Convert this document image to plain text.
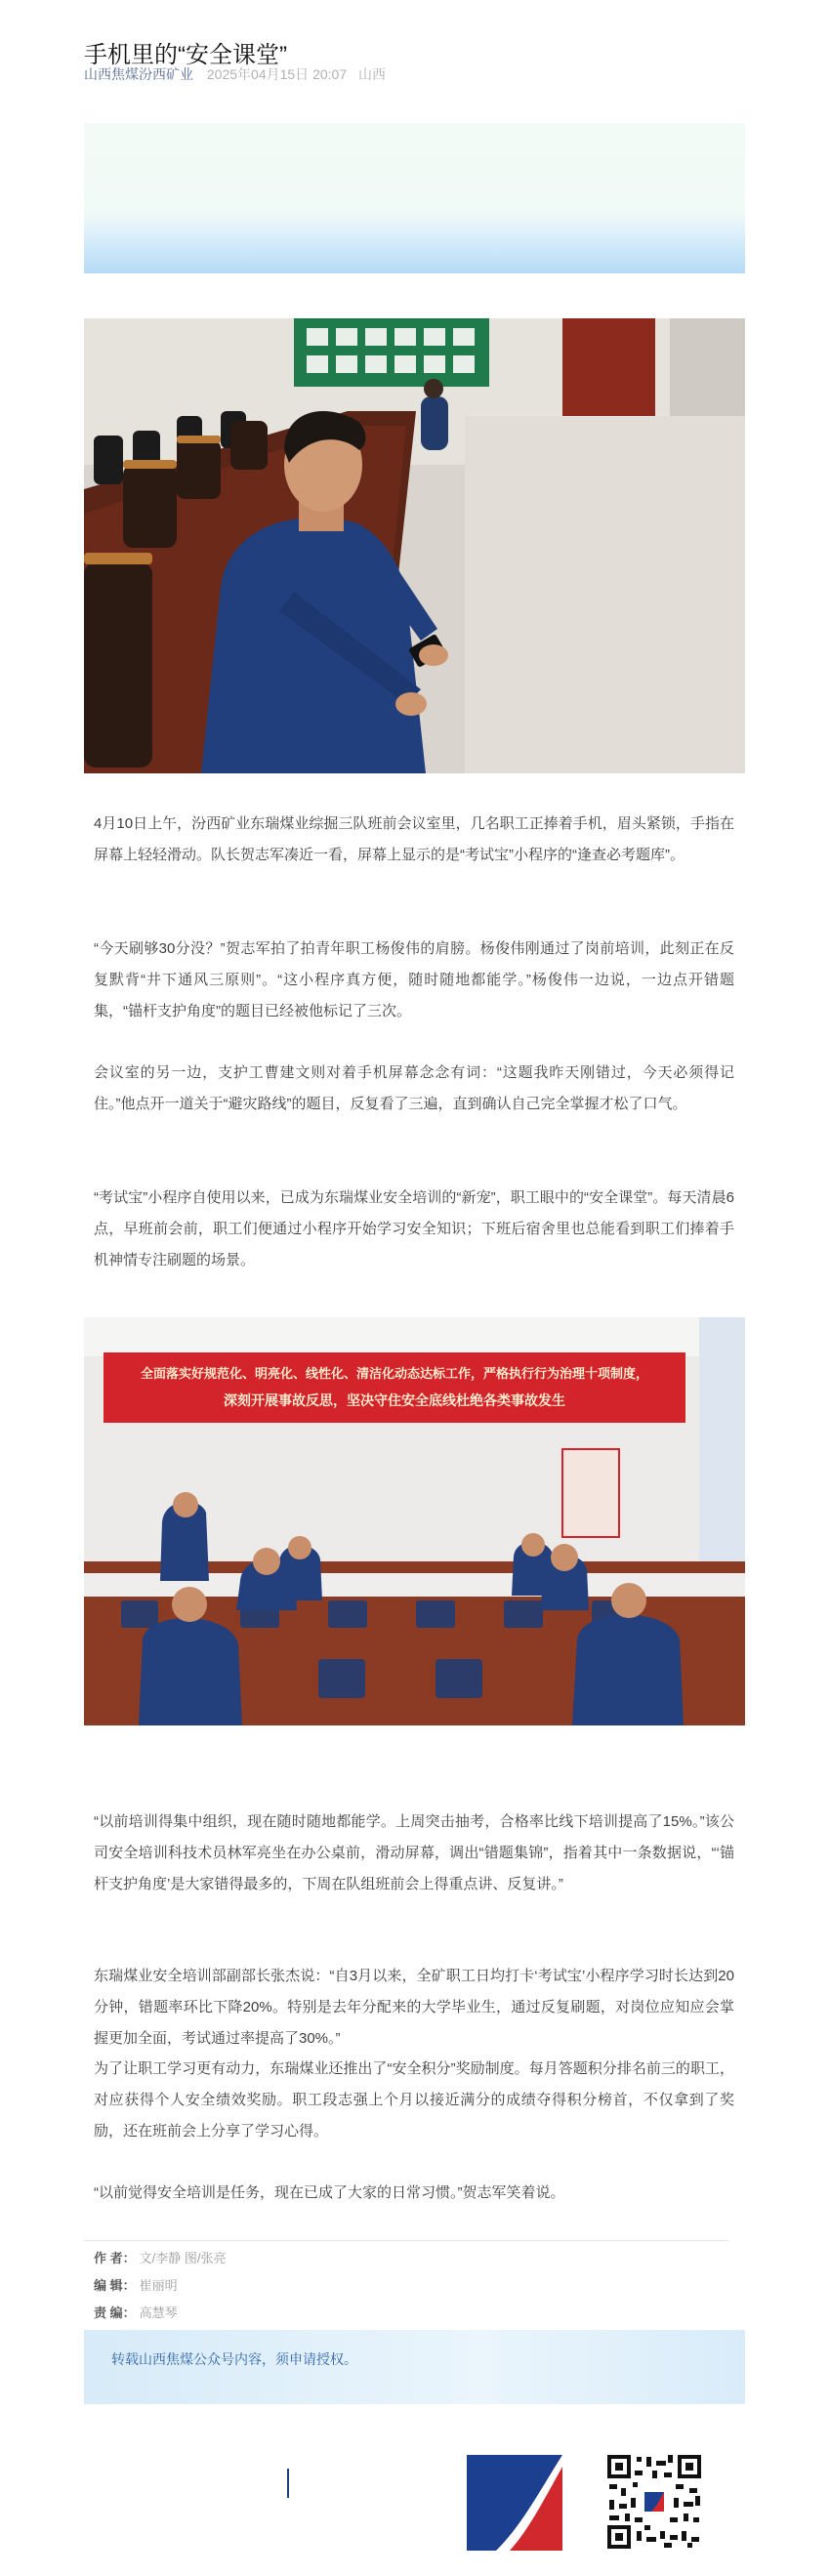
手机里的“安全课堂”
山西焦煤汾西矿业 2025年04月15日 20:07 山西

4月10日上午，汾西矿业东瑞煤业综掘三队班前会议室里，几名职工正捧着手机，眉头紧锁，手指在屏幕上轻轻滑动。队长贺志军凑近一看，屏幕上显示的是“考试宝”小程序的“逢查必考题库”。

“今天刷够30分没？”贺志军拍了拍青年职工杨俊伟的肩膀。杨俊伟刚通过了岗前培训，此刻正在反复默背“井下通风三原则”。“这小程序真方便，随时随地都能学。”杨俊伟一边说，一边点开错题集，“锚杆支护角度”的题目已经被他标记了三次。

会议室的另一边，支护工曹建文则对着手机屏幕念念有词：“这题我昨天刚错过，今天必须得记住。”他点开一道关于“避灾路线”的题目，反复看了三遍，直到确认自己完全掌握才松了口气。

“考试宝”小程序自使用以来，已成为东瑞煤业安全培训的“新宠”，职工眼中的“安全课堂”。每天清晨6点，早班前会前，职工们便通过小程序开始学习安全知识；下班后宿舍里也总能看到职工们捧着手机神情专注刷题的场景。

全面落实好规范化、明亮化、线性化、清洁化动态达标工作，严格执行行为治理十项制度，
深刻开展事故反思，坚决守住安全底线杜绝各类事故发生

“以前培训得集中组织，现在随时随地都能学。上周突击抽考，合格率比线下培训提高了15%。”该公司安全培训科技术员林军亮坐在办公桌前，滑动屏幕，调出“错题集锦”，指着其中一条数据说，“‘锚杆支护角度’是大家错得最多的，下周在队组班前会上得重点讲、反复讲。”

东瑞煤业安全培训部副部长张杰说：“自3月以来，全矿职工日均打卡‘考试宝’小程序学习时长达到20分钟，错题率环比下降20%。特别是去年分配来的大学毕业生，通过反复刷题，对岗位应知应会掌握更加全面，考试通过率提高了30%。”

为了让职工学习更有动力，东瑞煤业还推出了“安全积分”奖励制度。每月答题积分排名前三的职工，对应获得个人安全绩效奖励。职工段志强上个月以接近满分的成绩夺得积分榜首，不仅拿到了奖励，还在班前会上分享了学习心得。

“以前觉得安全培训是任务，现在已成了大家的日常习惯。”贺志军笑着说。

作 者： 文/李静 图/张亮
编 辑： 崔丽明
责 编： 高慧琴
转载山西焦煤公众号内容，须申请授权。
